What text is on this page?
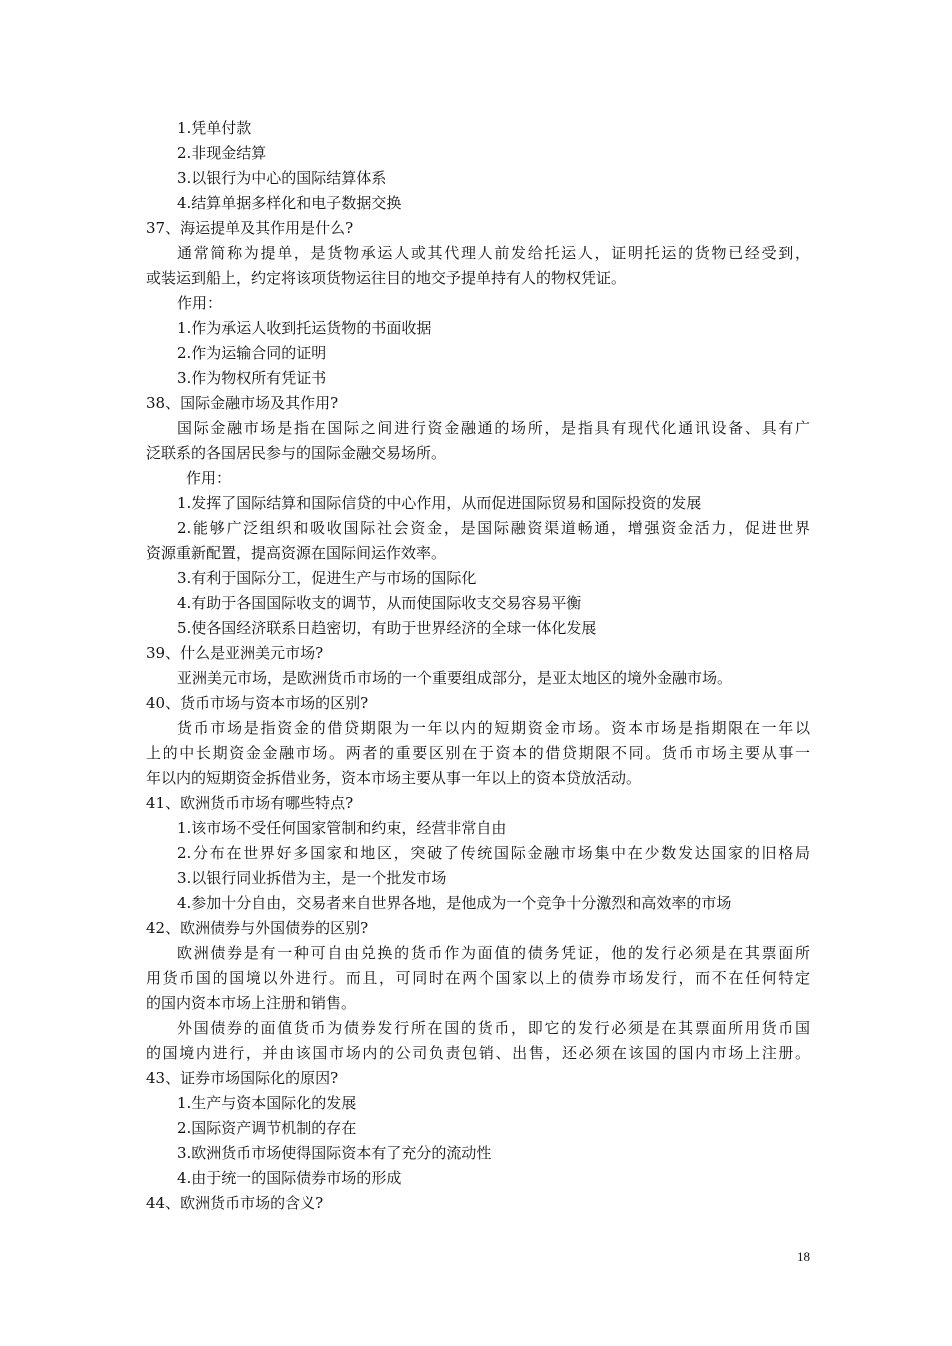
1.凭单付款

2.非现金结算

3.以银行为中心的国际结算体系

4.结算单据多样化和电子数据交换

37、海运提单及其作用是什么?

通常简称为提单，是货物承运人或其代理人前发给托运人，证明托运的货物已经受到，

或装运到船上，约定将该项货物运往目的地交予提单持有人的物权凭证。

作用：

1.作为承运人收到托运货物的书面收据

2.作为运输合同的证明

3.作为物权所有凭证书

38、国际金融市场及其作用?

国际金融市场是指在国际之间进行资金融通的场所，是指具有现代化通讯设备、具有广

泛联系的各国居民参与的国际金融交易场所。

作用：

1.发挥了国际结算和国际信贷的中心作用，从而促进国际贸易和国际投资的发展

2.能够广泛组织和吸收国际社会资金，是国际融资渠道畅通，增强资金活力，促进世界

资源重新配置，提高资源在国际间运作效率。

3.有利于国际分工，促进生产与市场的国际化

4.有助于各国国际收支的调节，从而使国际收支交易容易平衡

5.使各国经济联系日趋密切，有助于世界经济的全球一体化发展

39、什么是亚洲美元市场?

亚洲美元市场，是欧洲货币市场的一个重要组成部分，是亚太地区的境外金融市场。

40、货币市场与资本市场的区别?

货币市场是指资金的借贷期限为一年以内的短期资金市场。资本市场是指期限在一年以

上的中长期资金金融市场。两者的重要区别在于资本的借贷期限不同。货币市场主要从事一

年以内的短期资金拆借业务，资本市场主要从事一年以上的资本贷放活动。

41、欧洲货币市场有哪些特点?

1.该市场不受任何国家管制和约束，经营非常自由

2.分布在世界好多国家和地区，突破了传统国际金融市场集中在少数发达国家的旧格局

3.以银行同业拆借为主，是一个批发市场

4.参加十分自由，交易者来自世界各地，是他成为一个竞争十分激烈和高效率的市场

42、欧洲债券与外国债券的区别?

欧洲债券是有一种可自由兑换的货币作为面值的债务凭证，他的发行必须是在其票面所

用货币国的国境以外进行。而且，可同时在两个国家以上的债券市场发行，而不在任何特定

的国内资本市场上注册和销售。

外国债券的面值货币为债券发行所在国的货币，即它的发行必须是在其票面所用货币国

的国境内进行，并由该国市场内的公司负责包销、出售，还必须在该国的国内市场上注册。

43、证券市场国际化的原因?

1.生产与资本国际化的发展

2.国际资产调节机制的存在

3.欧洲货币市场使得国际资本有了充分的流动性

4.由于统一的国际债券市场的形成

44、欧洲货币市场的含义?

18
